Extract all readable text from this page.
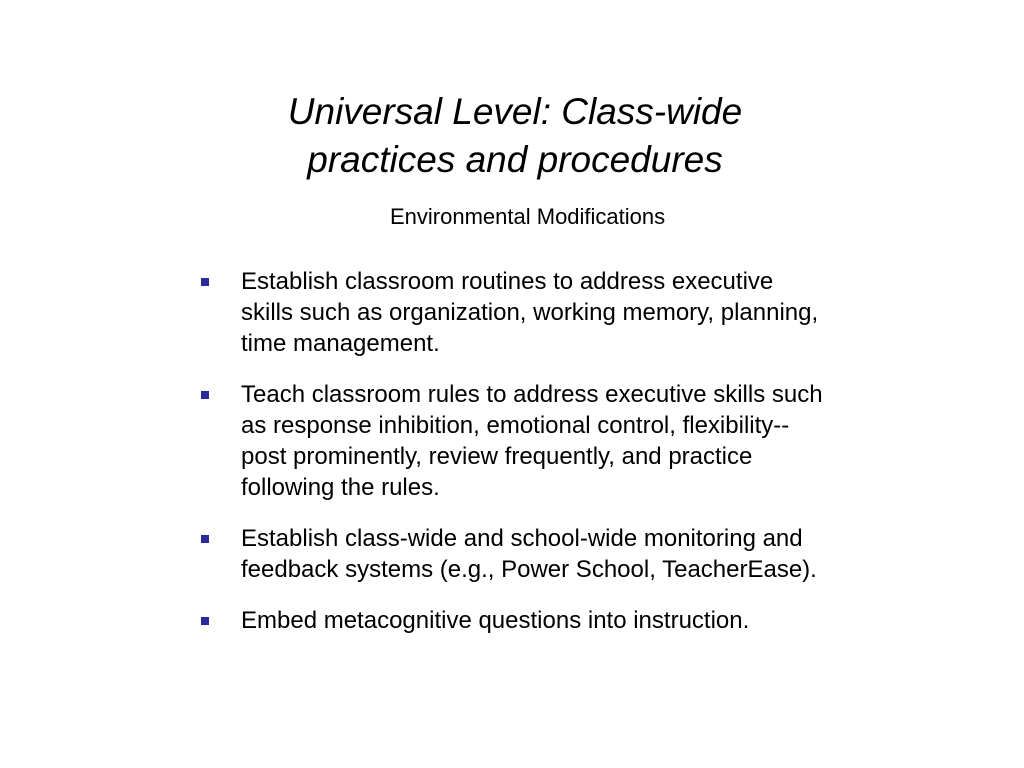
Universal Level: Class-wide
practices and procedures
Environmental Modifications
Establish classroom routines to address executive
skills such as organization, working memory, planning,
time management.
Teach classroom rules to address executive skills such
as response inhibition, emotional control, flexibility--
post prominently, review frequently, and practice
following the rules.
Establish class-wide and school-wide monitoring and
feedback systems (e.g., Power School, TeacherEase).
Embed metacognitive questions into instruction.
